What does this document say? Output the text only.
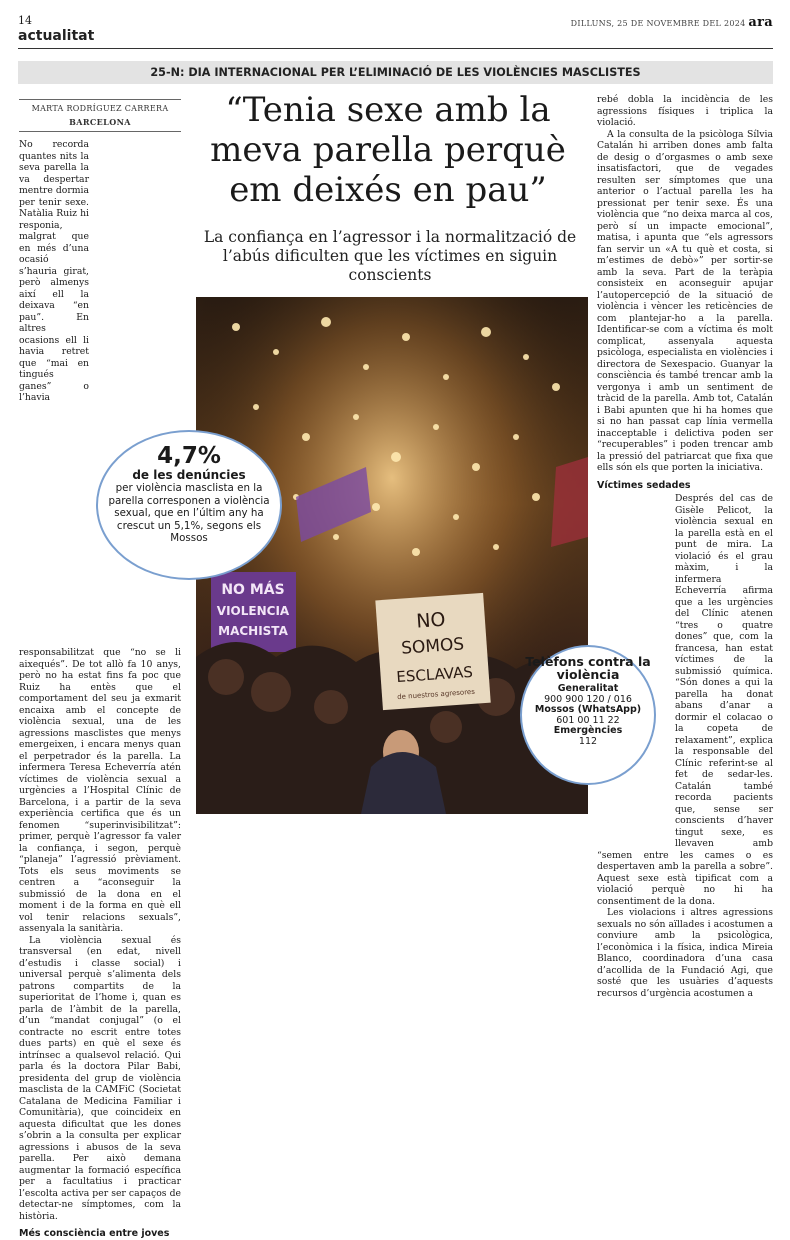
14
actualitat
DILLUNS, 25 DE NOVEMBRE DEL 2024 ara
25-N: DIA INTERNACIONAL PER L’ELIMINACIÓ DE LES VIOLÈNCIES MASCLISTES
MARTA RODRÍGUEZ CARRERA
BARCELONA

No recorda quantes nits la seva parella la va despertar mentre dormia per tenir sexe. Natàlia Ruiz hi responia, malgrat que en més d’una ocasió s’hauria girat, però almenys així ell la deixava “en pau”. En altres ocasions ell li havia retret que “mai en tingués ganes” o l’havia responsabilitzat que “no se li aixequés”. De tot allò fa 10 anys, però no ha estat fins fa poc que Ruiz ha entès que el comportament del seu ja exmarit encaixa amb el concepte de violència sexual, una de les agressions masclistes que menys emergeixen, i encara menys quan el perpetrador és la parella. La infermera Teresa Echeverría atén víctimes de violència sexual a urgències a l’Hospital Clínic de Barcelona, i a partir de la seva experiència certifica que és un fenomen “superinvisibilitzat”: primer, perquè l’agressor fa valer la confiança, i segon, perquè “planeja” l’agressió prèviament. Tots els seus moviments se centren a “aconseguir la submissió de la dona en el moment i de la forma en què ell vol tenir relacions sexuals”, assenyala la sanitària.

La violència sexual és transversal (en edat, nivell d’estudis i classe social) i universal perquè s’alimenta dels patrons compartits de la superioritat de l’home i, quan es parla de l’àmbit de la parella, d’un “mandat conjugal” (o el contracte no escrit entre totes dues parts) en què el sexe és intrínsec a qualsevol relació. Qui parla és la doctora Pilar Babi, presidenta del grup de violència masclista de la CAMFiC (Societat Catalana de Medicina Familiar i Comunitària), que coincideix en aquesta dificultat que les dones s’obrin a la consulta per explicar agressions i abusos de la seva parella. Per això demana augmentar la formació específica per a facultatius i practicar l’escolta activa per ser capaços de detectar-ne símptomes, com la història.

Més consciència entre joves
“Tenia sexe amb la meva parella perquè em deixés en pau”
La confiança en l’agressor i la normalització de l’abús dificulten que les víctimes en siguin conscients
NO MÁS
VIOLENCIA
MACHISTA	NO
SOMOS
ESCLAVAS
de nuestros agresores
4,7%
de les denúncies
per violència masclista en la parella corresponen a violència sexual, que en l’últim any ha crescut un 5,1%, segons els Mossos

rebé dobla la incidència de les agressions físiques i triplica la violació.

A la consulta de la psicòloga Sílvia Catalán hi arriben dones amb falta de desig o d’orgasmes o amb sexe insatisfactori, que de vegades resulten ser símptomes que una anterior o l’actual parella les ha pressionat per tenir sexe. És una violència que “no deixa marca al cos, però sí un impacte emocional”, matisa, i apunta que “els agressors fan servir un «A tu què et costa, si m’estimes de debò»” per sortir-se amb la seva. Part de la teràpia consisteix en aconseguir apujar l’autopercepció de la situació de violència i vèncer les reticències de com plantejar-ho a la parella. Identificar-se com a víctima és molt complicat, assenyala aquesta psicòloga, especialista en violències i directora de Sexespacio. Guanyar la consciència és també trencar amb la vergonya i amb un sentiment de tràcid de la parella. Amb tot, Catalán i Babi apunten que hi ha homes que si no han passat cap línia vermella inacceptable i delictiva poden ser “recuperables” i poden trencar amb la pressió del patriarcat que fixa que ells són els que porten la iniciativa.

Víctimes sedades

Després del cas de Gisèle Pelicot, la violència sexual en la parella està en el punt de mira. La violació és el grau màxim, i la infermera Echeverría afirma que a les urgències del Clínic atenen “tres o quatre dones” que, com la francesa, han estat víctimes de la submissió química. “Són dones a qui la parella ha donat abans d’anar a dormir el colacao o la copeta de relaxament”, explica la responsable del Clínic referint-se al fet de sedar-les. Catalán també recorda pacients que, sense ser conscients d’haver tingut sexe, es llevaven amb “semen entre les cames o es despertaven amb la parella a sobre”. Aquest sexe està tipificat com a violació perquè no hi ha consentiment de la dona.

Les violacions i altres agressions sexuals no són aïllades i acostumen a conviure amb la psicològica, l’econòmica i la física, indica Mireia Blanco, coordinadora d’una casa d’acollida de la Fundació Agi, que sosté que les usuàries d’aquests recursos d’urgència acostumen a

Telèfons contra la violència
Generalitat
900 900 120 / 016
Mossos (WhatsApp)
601 00 11 22
Emergències
112
